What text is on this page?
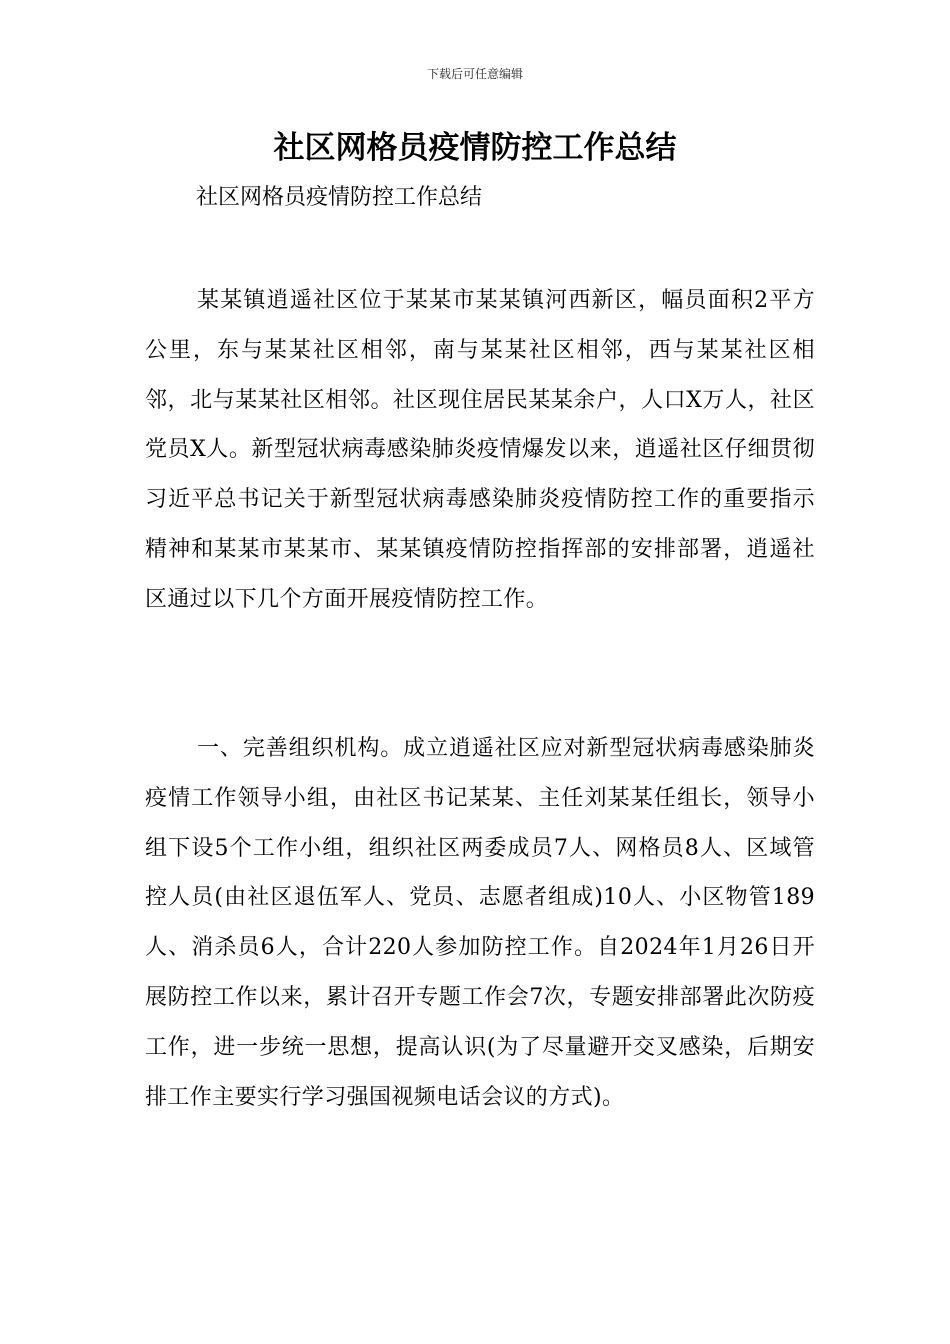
下载后可任意编辑
社区网格员疫情防控工作总结

社区网格员疫情防控工作总结

某某镇逍遥社区位于某某市某某镇河西新区，幅员面积2平方公里，东与某某社区相邻，南与某某社区相邻，西与某某社区相邻，北与某某社区相邻。社区现住居民某某余户，人口X万人，社区党员X人。新型冠状病毒感染肺炎疫情爆发以来，逍遥社区仔细贯彻习近平总书记关于新型冠状病毒感染肺炎疫情防控工作的重要指示精神和某某市某某市、某某镇疫情防控指挥部的安排部署，逍遥社区通过以下几个方面开展疫情防控工作。

一、完善组织机构。成立逍遥社区应对新型冠状病毒感染肺炎疫情工作领导小组，由社区书记某某、主任刘某某任组长，领导小组下设5个工作小组，组织社区两委成员7人、网格员8人、区域管控人员(由社区退伍军人、党员、志愿者组成)10人、小区物管189人、消杀员6人，合计220人参加防控工作。自2024年1月26日开展防控工作以来，累计召开专题工作会7次，专题安排部署此次防疫工作，进一步统一思想，提高认识(为了尽量避开交叉感染，后期安排工作主要实行学习强国视频电话会议的方式)。
